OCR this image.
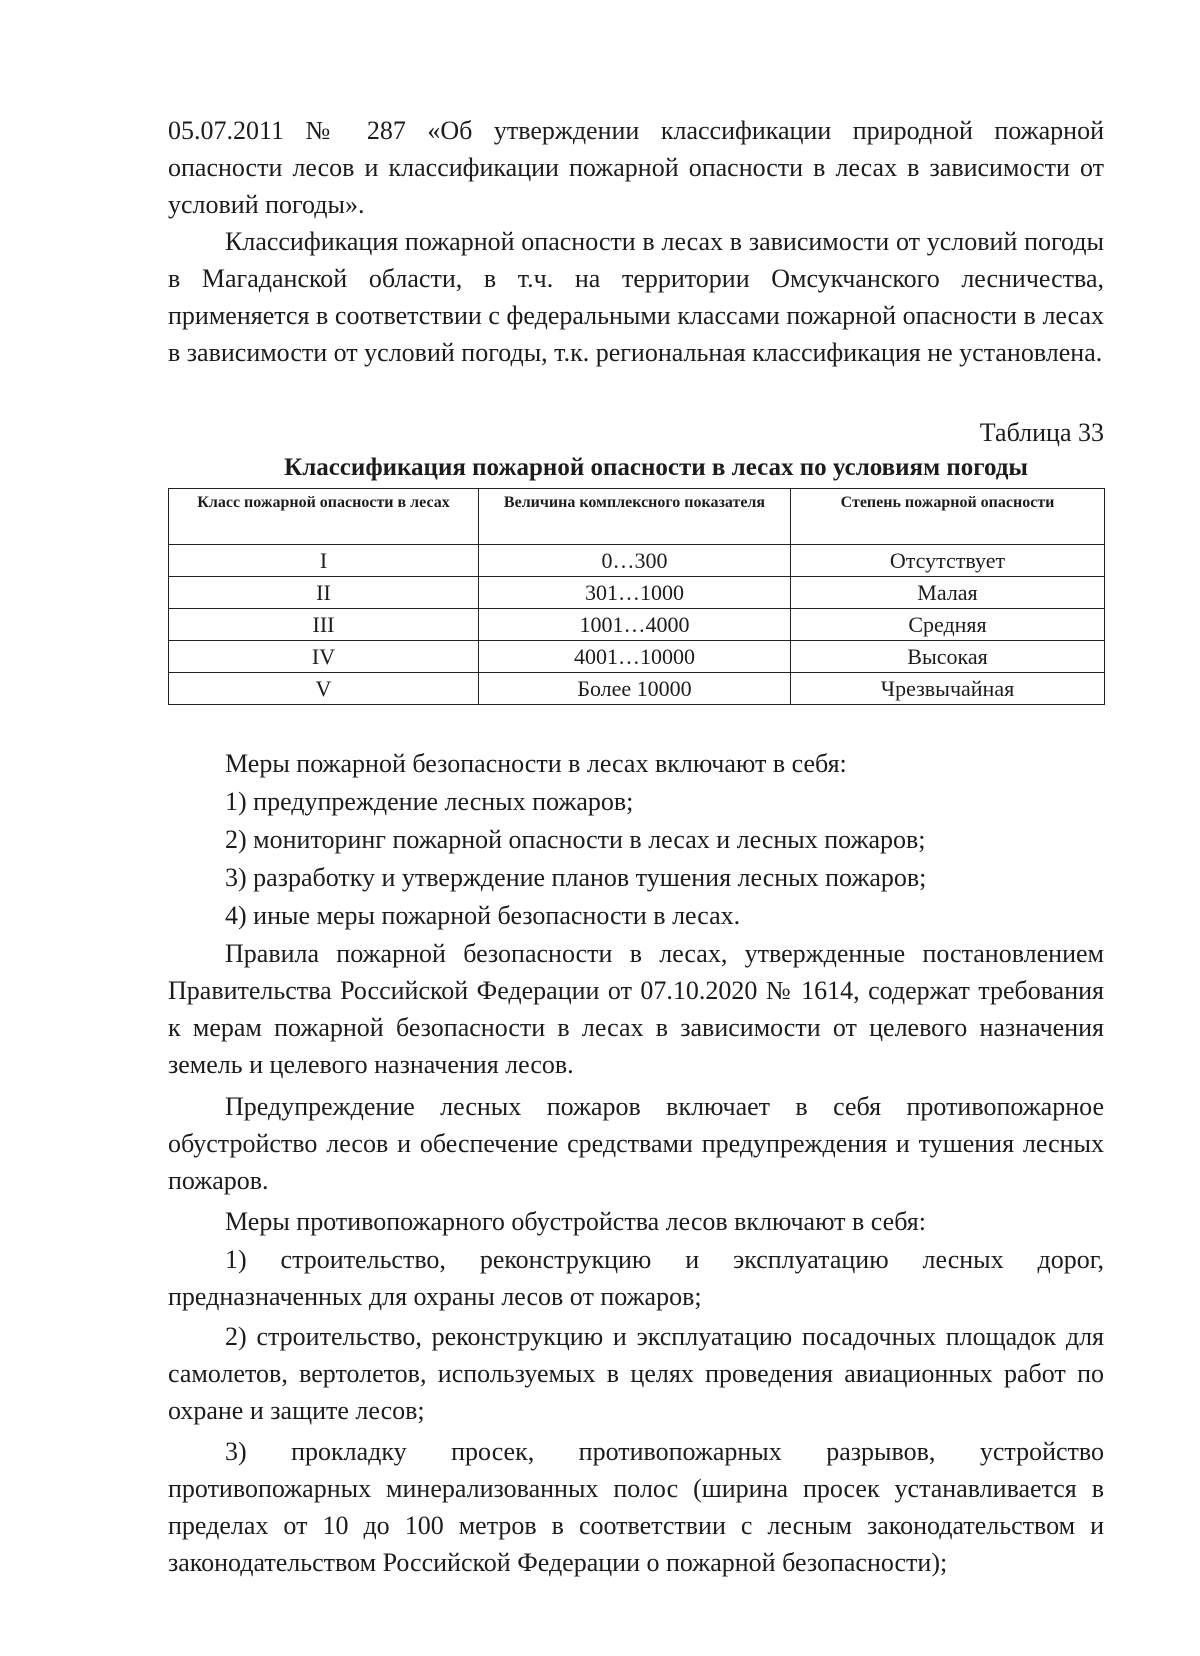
05.07.2011 № 287 «Об утверждении классификации природной пожарной опасности лесов и классификации пожарной опасности в лесах в зависимости от условий погоды».

Классификация пожарной опасности в лесах в зависимости от условий погоды в Магаданской области, в т.ч. на территории Омсукчанского лесничества, применяется в соответствии с федеральными классами пожарной опасности в лесах в зависимости от условий погоды, т.к. региональная классификация не установлена.

Таблица 33

Классификация пожарной опасности в лесах по условиям погоды

Класс пожарной опасности в лесах	Величина комплексного показателя	Степень пожарной опасности
I	0…300	Отсутствует
II	301…1000	Малая
III	1001…4000	Средняя
IV	4001…10000	Высокая
V	Более 10000	Чрезвычайная

Меры пожарной безопасности в лесах включают в себя:

1) предупреждение лесных пожаров;

2) мониторинг пожарной опасности в лесах и лесных пожаров;

3) разработку и утверждение планов тушения лесных пожаров;

4) иные меры пожарной безопасности в лесах.

Правила пожарной безопасности в лесах, утвержденные постановлением Правительства Российской Федерации от 07.10.2020 № 1614, содержат требования к мерам пожарной безопасности в лесах в зависимости от целевого назначения земель и целевого назначения лесов.

Предупреждение лесных пожаров включает в себя противопожарное обустройство лесов и обеспечение средствами предупреждения и тушения лесных пожаров.

Меры противопожарного обустройства лесов включают в себя:

1) строительство, реконструкцию и эксплуатацию лесных дорог, предназначенных для охраны лесов от пожаров;

2) строительство, реконструкцию и эксплуатацию посадочных площадок для самолетов, вертолетов, используемых в целях проведения авиационных работ по охране и защите лесов;

3) прокладку просек, противопожарных разрывов, устройство противопожарных минерализованных полос (ширина просек устанавливается в пределах от 10 до 100 метров в соответствии с лесным законодательством и законодательством Российской Федерации о пожарной безопасности);
